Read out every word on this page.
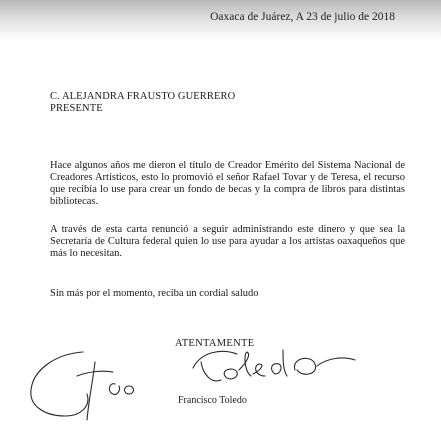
Oaxaca de Juárez, A 23 de julio de 2018
C. ALEJANDRA FRAUSTO GUERRERO
PRESENTE
Hace algunos años me dieron el título de Creador Emérito del Sistema Nacional de Creadores Artísticos, esto lo promovió el señor Rafael Tovar y de Teresa, el recurso que recibía lo use para crear un fondo de becas y la compra de libros para distintas bibliotecas.
A través de esta carta renunció a seguir administrando este dinero y que sea la Secretaría de Cultura federal quien lo use para ayudar a los artistas oaxaqueños que más lo necesitan.
Sin más por el momento, reciba un cordial saludo
ATENTAMENTE
Francisco Toledo
